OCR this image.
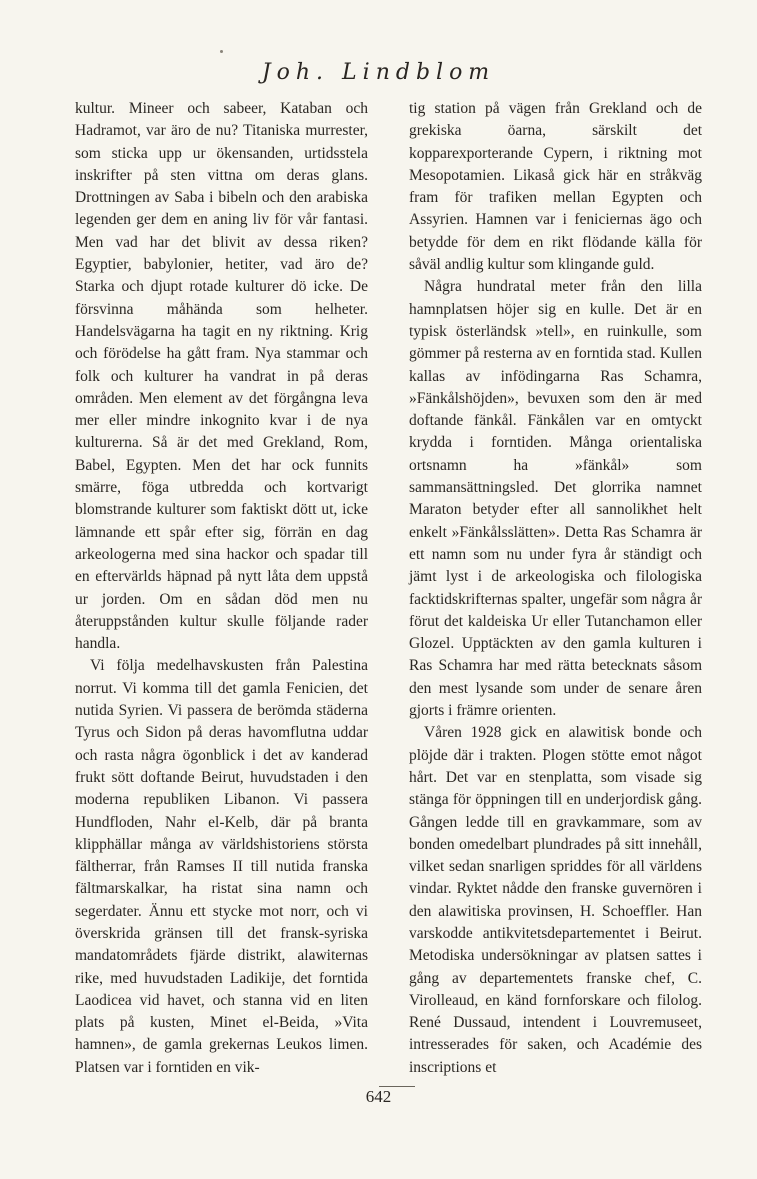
Joh. Lindblom

kultur. Mineer och sabeer, Kataban och Hadramot, var äro de nu? Titaniska murrester, som sticka upp ur ökensanden, urtidsstela inskrifter på sten vittna om deras glans. Drottningen av Saba i bibeln och den arabiska legenden ger dem en aning liv för vår fantasi. Men vad har det blivit av dessa riken? Egyptier, babylonier, hetiter, vad äro de? Starka och djupt rotade kulturer dö icke. De försvinna måhända som helheter. Handelsvägarna ha tagit en ny riktning. Krig och förödelse ha gått fram. Nya stammar och folk och kulturer ha vandrat in på deras områden. Men element av det förgångna leva mer eller mindre inkognito kvar i de nya kulturerna. Så är det med Grekland, Rom, Babel, Egypten. Men det har ock funnits smärre, föga utbredda och kortvarigt blomstrande kulturer som faktiskt dött ut, icke lämnande ett spår efter sig, förrän en dag arkeologerna med sina hackor och spadar till en eftervärlds häpnad på nytt låta dem uppstå ur jorden. Om en sådan död men nu återuppstånden kultur skulle följande rader handla.

Vi följa medelhavskusten från Palestina norrut. Vi komma till det gamla Fenicien, det nutida Syrien. Vi passera de berömda städerna Tyrus och Sidon på deras havomflutna uddar och rasta några ögonblick i det av kanderad frukt sött doftande Beirut, huvudstaden i den moderna republiken Libanon. Vi passera Hundfloden, Nahr el-Kelb, där på branta klipphällar många av världshistoriens största fältherrar, från Ramses II till nutida franska fältmarskalkar, ha ristat sina namn och segerdater. Ännu ett stycke mot norr, och vi överskrida gränsen till det fransk-syriska mandatområdets fjärde distrikt, alawiternas rike, med huvudstaden Ladikije, det forntida Laodicea vid havet, och stanna vid en liten plats på kusten, Minet el-Beida, »Vita hamnen», de gamla grekernas Leukos limen. Platsen var i forntiden en vik-

tig station på vägen från Grekland och de grekiska öarna, särskilt det kopparexporterande Cypern, i riktning mot Mesopotamien. Likaså gick här en stråkväg fram för trafiken mellan Egypten och Assyrien. Hamnen var i feniciernas ägo och betydde för dem en rikt flödande källa för såväl andlig kultur som klingande guld.

Några hundratal meter från den lilla hamnplatsen höjer sig en kulle. Det är en typisk österländsk »tell», en ruinkulle, som gömmer på resterna av en forntida stad. Kullen kallas av infödingarna Ras Schamra, »Fänkålshöjden», bevuxen som den är med doftande fänkål. Fänkålen var en omtyckt krydda i forntiden. Många orientaliska ortsnamn ha »fänkål» som sammansättningsled. Det glorrika namnet Maraton betyder efter all sannolikhet helt enkelt »Fänkålsslätten». Detta Ras Schamra är ett namn som nu under fyra år ständigt och jämt lyst i de arkeologiska och filologiska facktidskrifternas spalter, ungefär som några år förut det kaldeiska Ur eller Tutanchamon eller Glozel. Upptäckten av den gamla kulturen i Ras Schamra har med rätta betecknats såsom den mest lysande som under de senare åren gjorts i främre orienten.

Våren 1928 gick en alawitisk bonde och plöjde där i trakten. Plogen stötte emot något hårt. Det var en stenplatta, som visade sig stänga för öppningen till en underjordisk gång. Gången ledde till en gravkammare, som av bonden omedelbart plundrades på sitt innehåll, vilket sedan snarligen spriddes för all världens vindar. Ryktet nådde den franske guvernören i den alawitiska provinsen, H. Schoeffler. Han varskodde antikvitetsdepartementet i Beirut. Metodiska undersökningar av platsen sattes i gång av departementets franske chef, C. Virolleaud, en känd fornforskare och filolog. René Dussaud, intendent i Louvremuseet, intresserades för saken, och Académie des inscriptions et

642
